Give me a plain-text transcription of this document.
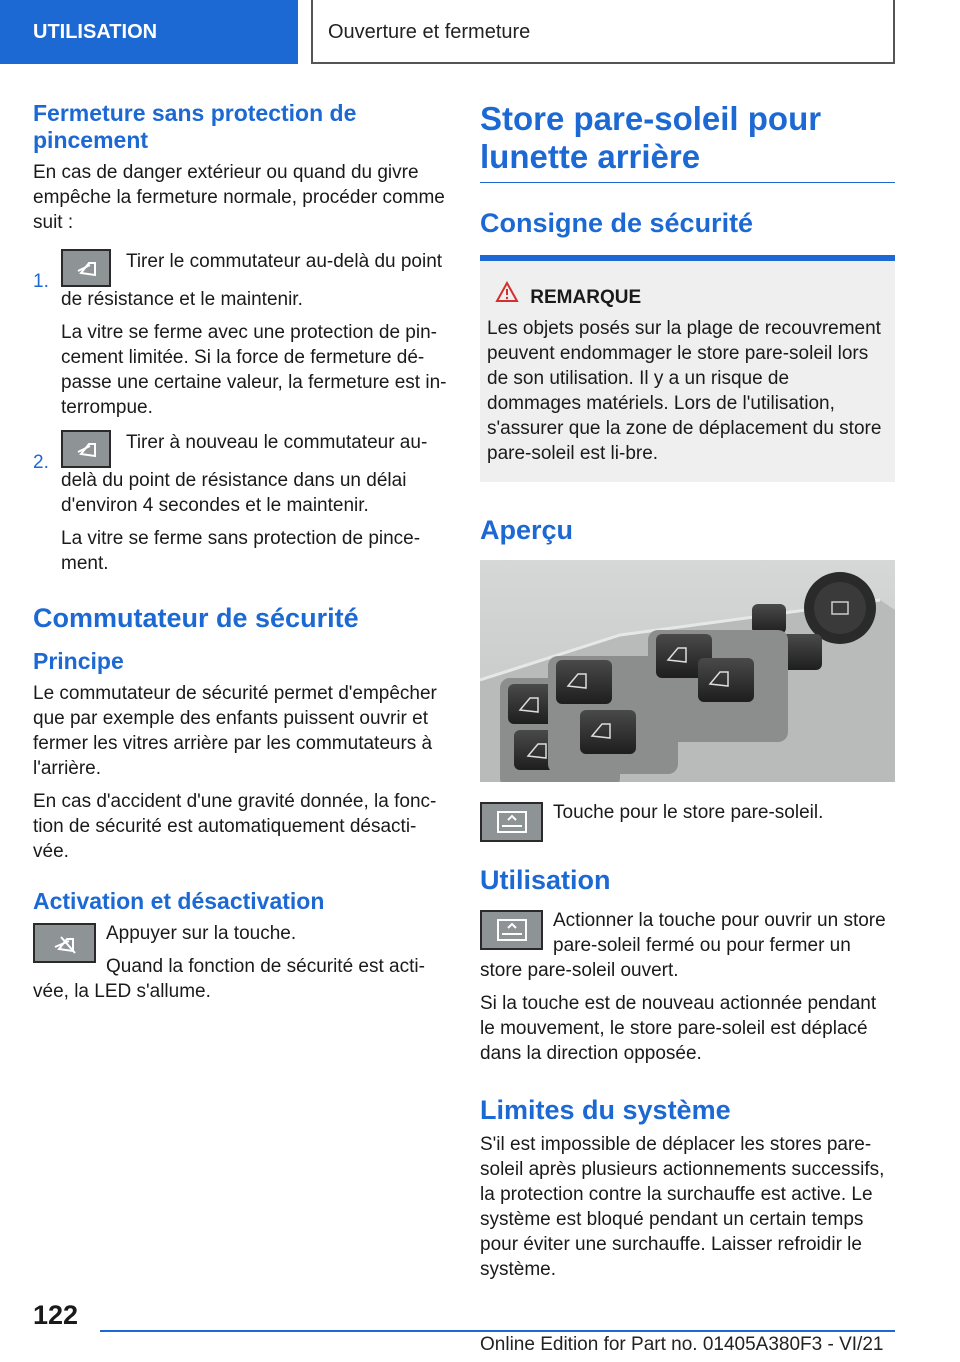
UTILISATION	Ouverture et fermeture
Fermeture sans protection de pincement

En cas de danger extérieur ou quand du givre empêche la fermeture normale, procéder comme suit :

1.
Tirer le commutateur au-delà du point de résistance et le maintenir.

La vitre se ferme avec une protection de pin-cement limitée. Si la force de fermeture dé-passe une certaine valeur, la fermeture est in-terrompue.

2.
Tirer à nouveau le commutateur au-delà du point de résistance dans un délai d'environ 4 secondes et le maintenir.

La vitre se ferme sans protection de pince-ment.

Commutateur de sécurité
Principe

Le commutateur de sécurité permet d'empêcher que par exemple des enfants puissent ouvrir et fermer les vitres arrière par les commutateurs à l'arrière.

En cas d'accident d'une gravité donnée, la fonc-tion de sécurité est automatiquement désacti-vée.

Activation et désactivation

Appuyer sur la touche.

Quand la fonction de sécurité est acti-vée, la LED s'allume.

Store pare-soleil pour lunette arrière
Consigne de sécurité
REMARQUE

Les objets posés sur la plage de recouvrement peuvent endommager le store pare-soleil lors de son utilisation. Il y a un risque de dommages matériels. Lors de l'utilisation, s'assurer que la zone de déplacement du store pare-soleil est li-bre.

Aperçu

Touche pour le store pare-soleil.

Utilisation

Actionner la touche pour ouvrir un store pare-soleil fermé ou pour fermer un store pare-soleil ouvert.

Si la touche est de nouveau actionnée pendant le mouvement, le store pare-soleil est déplacé dans la direction opposée.

Limites du système

S'il est impossible de déplacer les stores pare-soleil après plusieurs actionnements successifs, la protection contre la surchauffe est active. Le système est bloqué pendant un certain temps pour éviter une surchauffe. Laisser refroidir le système.

122
Online Edition for Part no. 01405A380F3 - VI/21
